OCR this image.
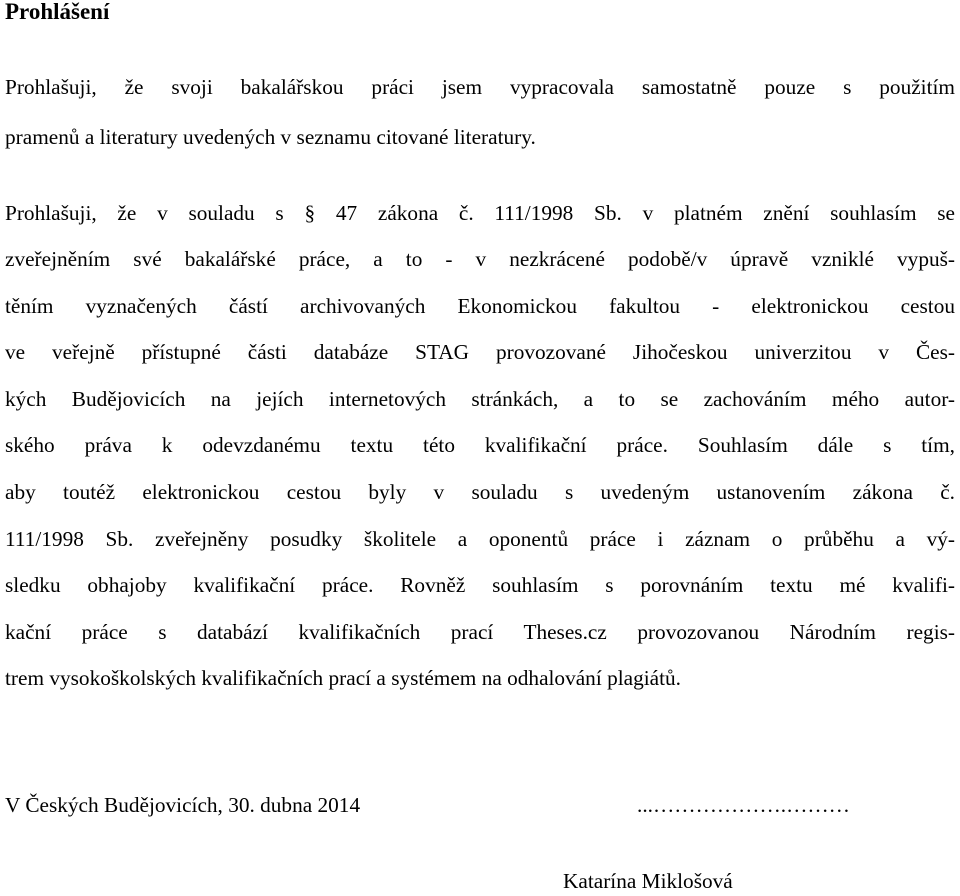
Prohlášení

Prohlašuji, že svoji bakalářskou práci jsem vypracovala samostatně pouze s použitím

pramenů a literatury uvedených v seznamu citované literatury.

Prohlašuji, že v souladu s § 47 zákona č. 111/1998 Sb. v platném znění souhlasím se

zveřejněním své bakalářské práce, a to - v nezkrácené podobě/v úpravě vzniklé vypuš-

těním vyznačených částí archivovaných Ekonomickou fakultou - elektronickou cestou

ve veřejně přístupné části databáze STAG provozované Jihočeskou univerzitou v Čes-

kých Budějovicích na jejích internetových stránkách, a to se zachováním mého autor-

ského práva k odevzdanému textu této kvalifikační práce. Souhlasím dále s tím,

aby toutéž elektronickou cestou byly v souladu s uvedeným ustanovením zákona č.

111/1998 Sb. zveřejněny posudky školitele a oponentů práce i záznam o průběhu a vý-

sledku obhajoby kvalifikační práce. Rovněž souhlasím s porovnáním textu mé kvalifi-

kační práce s databází kvalifikačních prací Theses.cz provozovanou Národním regis-

trem vysokoškolských kvalifikačních prací a systémem na odhalování plagiátů.

V Českých Budějovicích, 30. dubna 2014	...……………….………
Katarína Miklošová
